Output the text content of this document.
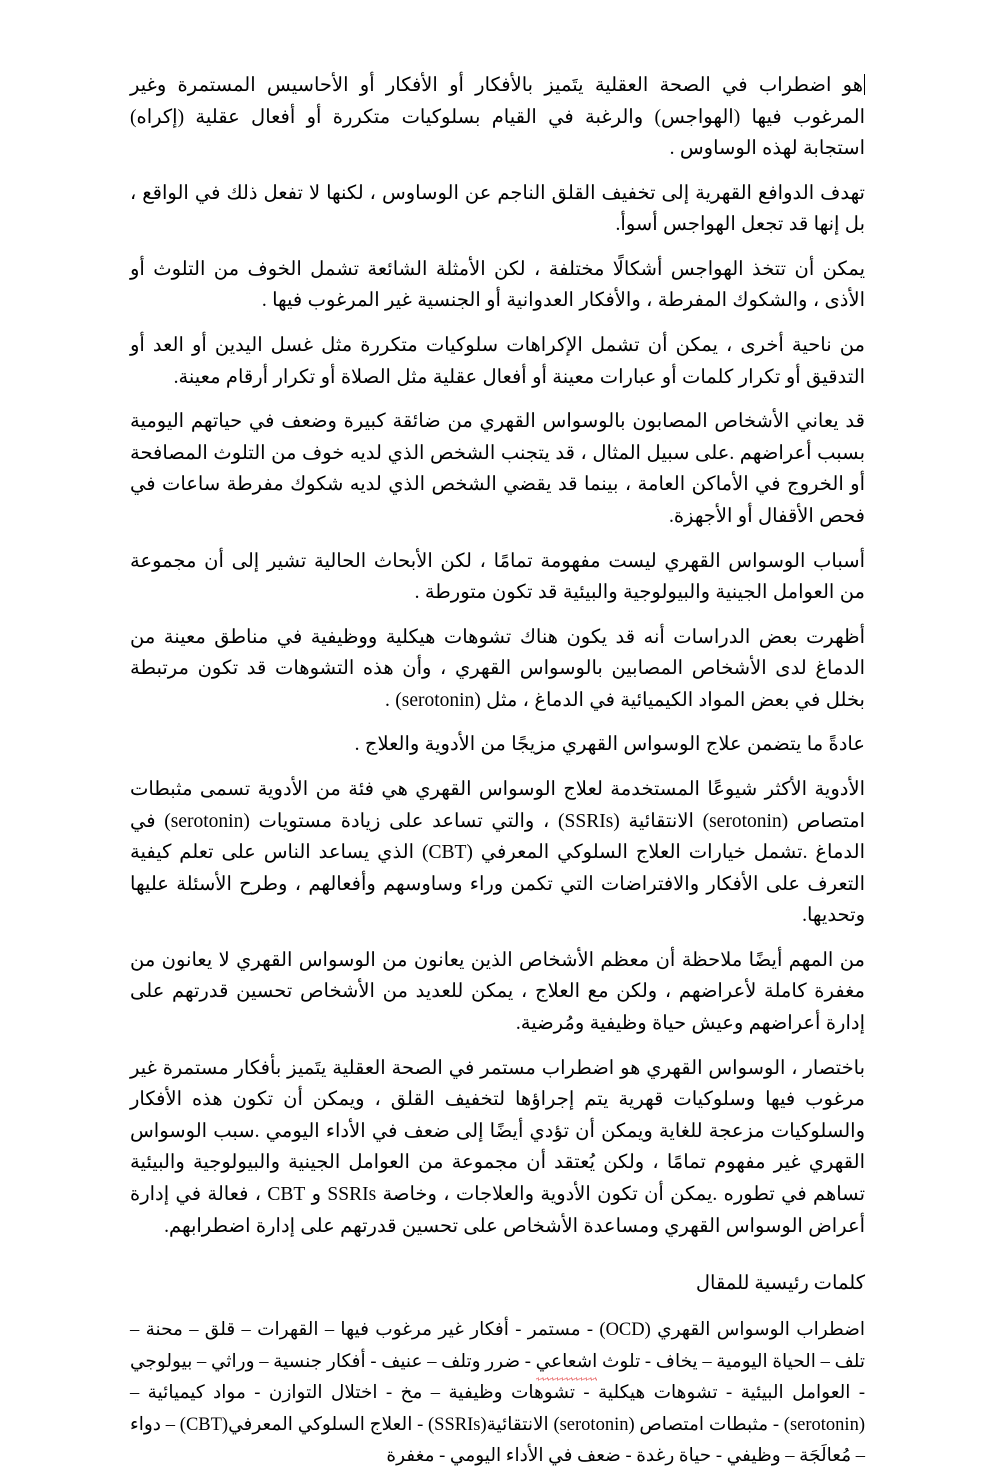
هو اضطراب في الصحة العقلية يتَميز بالأفكار أو الأفكار أو الأحاسيس المستمرة وغير المرغوب فيها (الهواجس) والرغبة في القيام بسلوكيات متكررة أو أفعال عقلية (إكراه) استجابة لهذه الوساوس .

تهدف الدوافع القهرية إلى تخفيف القلق الناجم عن الوساوس ، لكنها لا تفعل ذلك في الواقع ، بل إنها قد تجعل الهواجس أسوأ.

يمكن أن تتخذ الهواجس أشكالًا مختلفة ، لكن الأمثلة الشائعة تشمل الخوف من التلوث أو الأذى ، والشكوك المفرطة ، والأفكار العدوانية أو الجنسية غير المرغوب فيها .

من ناحية أخرى ، يمكن أن تشمل الإكراهات سلوكيات متكررة مثل غسل اليدين أو العد أو التدقيق أو تكرار كلمات أو عبارات معينة أو أفعال عقلية مثل الصلاة أو تكرار أرقام معينة.

قد يعاني الأشخاص المصابون بالوسواس القهري من ضائقة كبيرة وضعف في حياتهم اليومية بسبب أعراضهم .على سبيل المثال ، قد يتجنب الشخص الذي لديه خوف من التلوث المصافحة أو الخروج في الأماكن العامة ، بينما قد يقضي الشخص الذي لديه شكوك مفرطة ساعات في فحص الأقفال أو الأجهزة.

أسباب الوسواس القهري ليست مفهومة تمامًا ، لكن الأبحاث الحالية تشير إلى أن مجموعة من العوامل الجينية والبيولوجية والبيئية قد تكون متورطة .

أظهرت بعض الدراسات أنه قد يكون هناك تشوهات هيكلية ووظيفية في مناطق معينة من الدماغ لدى الأشخاص المصابين بالوسواس القهري ، وأن هذه التشوهات قد تكون مرتبطة بخلل في بعض المواد الكيميائية في الدماغ ، مثل (serotonin) .

عادةً ما يتضمن علاج الوسواس القهري مزيجًا من الأدوية والعلاج .

الأدوية الأكثر شيوعًا المستخدمة لعلاج الوسواس القهري هي فئة من الأدوية تسمى مثبطات امتصاص (serotonin) الانتقائية (SSRIs) ، والتي تساعد على زيادة مستويات (serotonin) في الدماغ .تشمل خيارات العلاج السلوكي المعرفي (CBT) الذي يساعد الناس على تعلم كيفية التعرف على الأفكار والافتراضات التي تكمن وراء وساوسهم وأفعالهم ، وطرح الأسئلة عليها وتحديها.

من المهم أيضًا ملاحظة أن معظم الأشخاص الذين يعانون من الوسواس القهري لا يعانون من مغفرة كاملة لأعراضهم ، ولكن مع العلاج ، يمكن للعديد من الأشخاص تحسين قدرتهم على إدارة أعراضهم وعيش حياة وظيفية ومُرضية.

باختصار ، الوسواس القهري هو اضطراب مستمر في الصحة العقلية يتَميز بأفكار مستمرة غير مرغوب فيها وسلوكيات قهرية يتم إجراؤها لتخفيف القلق ، ويمكن أن تكون هذه الأفكار والسلوكيات مزعجة للغاية ويمكن أن تؤدي أيضًا إلى ضعف في الأداء اليومي .سبب الوسواس القهري غير مفهوم تمامًا ، ولكن يُعتقد أن مجموعة من العوامل الجينية والبيولوجية والبيئية تساهم في تطوره .يمكن أن تكون الأدوية والعلاجات ، وخاصة SSRIs و CBT ، فعالة في إدارة أعراض الوسواس القهري ومساعدة الأشخاص على تحسين قدرتهم على إدارة اضطرابهم.

كلمات رئيسية للمقال

اضطراب الوسواس القهري (OCD) - مستمر - أفكار غير مرغوب فيها – القهرات – قلق – محنة – تلف – الحياة اليومية – يخاف - تلوث اشعاعي - ضرر وتلف – عنيف - أفكار جنسية – وراثي – بيولوجي - العوامل البيئية - تشوهات هيكلية - تشوهات وظيفية – مخ - اختلال التوازن - مواد كيميائية – (serotonin) - مثبطات امتصاص (serotonin) الانتقائية(SSRIs) - العلاج السلوكي المعرفي(CBT) – دواء – مُعالَجَة – وظيفي - حياة رغدة - ضعف في الأداء اليومي - مغفرة
